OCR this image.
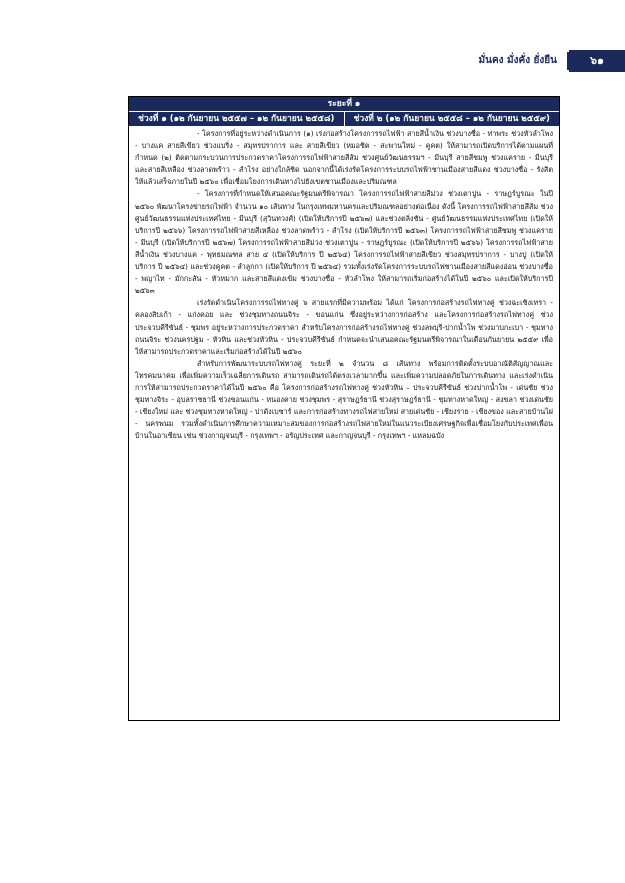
มั่นคง มั่งคั่ง ยั่งยืน	๖๑
ระยะที่ ๑
ช่วงที่ ๑ (๑๒ กันยายน ๒๕๕๗ – ๑๒ กันยายน ๒๕๕๘)	ช่วงที่ ๒ (๑๒ กันยายน ๒๕๕๘ – ๑๒ กันยายน ๒๕๕๙)

- โครงการที่อยู่ระหว่างดำเนินการ (๑) เร่งก่อสร้างโครงการรถไฟฟ้า สายสีน้ำเงิน ช่วงบางซื่อ - ท่าพระ ช่วงหัวลำโพง - บางแค สายสีเขียว ช่วงแบริ่ง - สมุทรปราการ และ สายสีเขียว (หมอชิต - สะพานใหม่ - คูคต) ให้สามารถเปิดบริการได้ตามแผนที่กำหนด (๒) ติดตามกระบวนการประกวดราคาโครงการรถไฟฟ้าสายสีส้ม ช่วงศูนย์วัฒนธรรมฯ - มีนบุรี สายสีชมพู ช่วงแคราย - มีนบุรี และสายสีเหลือง ช่วงลาดพร้าว - สำโรง อย่างใกล้ชิด นอกจากนี้ได้เร่งรัดโครงการระบบรถไฟฟ้าชานเมืองสายสีแดง ช่วงบางซื่อ - รังสิต ให้แล้วเสร็จภายในปี ๒๕๖๐ เพื่อเชื่อมโยงการเดินทางไปยังเขตชานเมืองและปริมณฑล

- โครงการที่กำหนดให้เสนอคณะรัฐมนตรีพิจารณา โครงการรถไฟฟ้าสายสีม่วง ช่วงเตาปูน - ราษฎร์บูรณะ ในปี ๒๕๖๐ พัฒนาโครงข่ายรถไฟฟ้า จำนวน ๑๐ เส้นทาง ในกรุงเทพมหานครและปริมณฑลอย่างต่อเนื่อง ดังนี้ โครงการรถไฟฟ้าสายสีส้ม ช่วงศูนย์วัฒนธรรมแห่งประเทศไทย - มีนบุรี (สุวินทวงศ์) (เปิดให้บริการปี ๒๕๖๗) และช่วงตลิ่งชัน - ศูนย์วัฒนธรรมแห่งประเทศไทย (เปิดให้บริการปี ๒๕๖๖) โครงการรถไฟฟ้าสายสีเหลือง ช่วงลาดพร้าว - สำโรง (เปิดให้บริการปี ๒๕๖๓) โครงการรถไฟฟ้าสายสีชมพู ช่วงแคราย - มีนบุรี (เปิดให้บริการปี ๒๕๖๗) โครงการรถไฟฟ้าสายสีม่วง ช่วงเตาปูน - ราษฎร์บูรณะ (เปิดให้บริการปี ๒๕๖๖) โครงการรถไฟฟ้าสายสีน้ำเงิน ช่วงบางแค - พุทธมณฑล สาย ๔ (เปิดให้บริการ ปี ๒๕๖๔) โครงการรถไฟฟ้าสายสีเขียว ช่วงสมุทรปราการ - บางปู (เปิดให้บริการ ปี ๒๕๖๔) และช่วงคูคต - ลำลูกกา (เปิดให้บริการ ปี ๒๕๖๔) รวมทั้งเร่งรัดโครงการระบบรถไฟชานเมืองสายสีแดงอ่อน ช่วงบางซื่อ - พญาไท - มักกะสัน - หัวหมาก และสายสีแดงเข้ม ช่วงบางซื่อ - หัวลำโพง ให้สามารถเริ่มก่อสร้างได้ในปี ๒๕๖๐ และเปิดให้บริการปี ๒๕๖๓

เร่งรัดดำเนินโครงการรถไฟทางคู่ ๖ สายแรกที่มีความพร้อม ได้แก่ โครงการก่อสร้างรถไฟทางคู่ ช่วงฉะเชิงเทรา - คลองสิบเก้า - แก่งคอย และ ช่วงชุมทางถนนจิระ - ขอนแก่น ซึ่งอยู่ระหว่างการก่อสร้าง และโครงการก่อสร้างรถไฟทางคู่ ช่วงประจวบคีรีขันธ์ - ชุมพร อยู่ระหว่างการประกวดราคา สำหรับโครงการก่อสร้างรถไฟทางคู่ ช่วงลพบุรี-ปากน้ำโพ ช่วงมาบกะเบา - ชุมทางถนนจิระ ช่วงนครปฐม - หัวหิน และช่วงหัวหิน - ประจวบคีรีขันธ์ กำหนดจะนำเสนอคณะรัฐมนตรีพิจารณาในเดือนกันยายน ๒๕๕๙ เพื่อให้สามารถประกวดราคาและเริ่มก่อสร้างได้ในปี ๒๕๖๐

สำหรับการพัฒนาระบบรถไฟทางคู่ ระยะที่ ๒ จำนวน ๘ เส้นทาง พร้อมการติดตั้งระบบอาณัติสัญญาณและโทรคมนาคม เพื่อเพิ่มความเร็วเฉลี่ยการเดินรถ สามารถเดินรถได้ตรงเวลามากขึ้น และเพิ่มความปลอดภัยในการเดินทาง และเร่งดำเนินการให้สามารถประกวดราคาได้ในปี ๒๕๖๐ คือ โครงการก่อสร้างรถไฟทางคู่ ช่วงหัวหิน – ประจวบคีรีขันธ์ ช่วงปากน้ำโพ - เด่นชัย ช่วงชุมทางจิระ - อุบลราชธานี ช่วงขอนแก่น - หนองคาย ช่วงชุมพร - สุราษฎร์ธานี ช่วงสุราษฎร์ธานี - ชุมทางหาดใหญ่ - สงขลา ช่วงเด่นชัย - เชียงใหม่ และ ช่วงชุมทางหาดใหญ่ - ปาดังเบซาร์ และการก่อสร้างทางรถไฟสายใหม่ สายเด่นชัย - เชียงราย - เชียงของ และสายบ้านไผ่ - นครพนม รวมทั้งดำเนินการศึกษาความเหมาะสมของการก่อสร้างรถไฟสายใหม่ในแนวระเบียงเศรษฐกิจเพื่อเชื่อมโยงกับประเทศเพื่อนบ้านในอาเซียน เช่น ช่วงกาญจนบุรี - กรุงเทพฯ - อรัญประเทศ และกาญจนบุรี - กรุงเทพฯ - แหลมฉบัง
